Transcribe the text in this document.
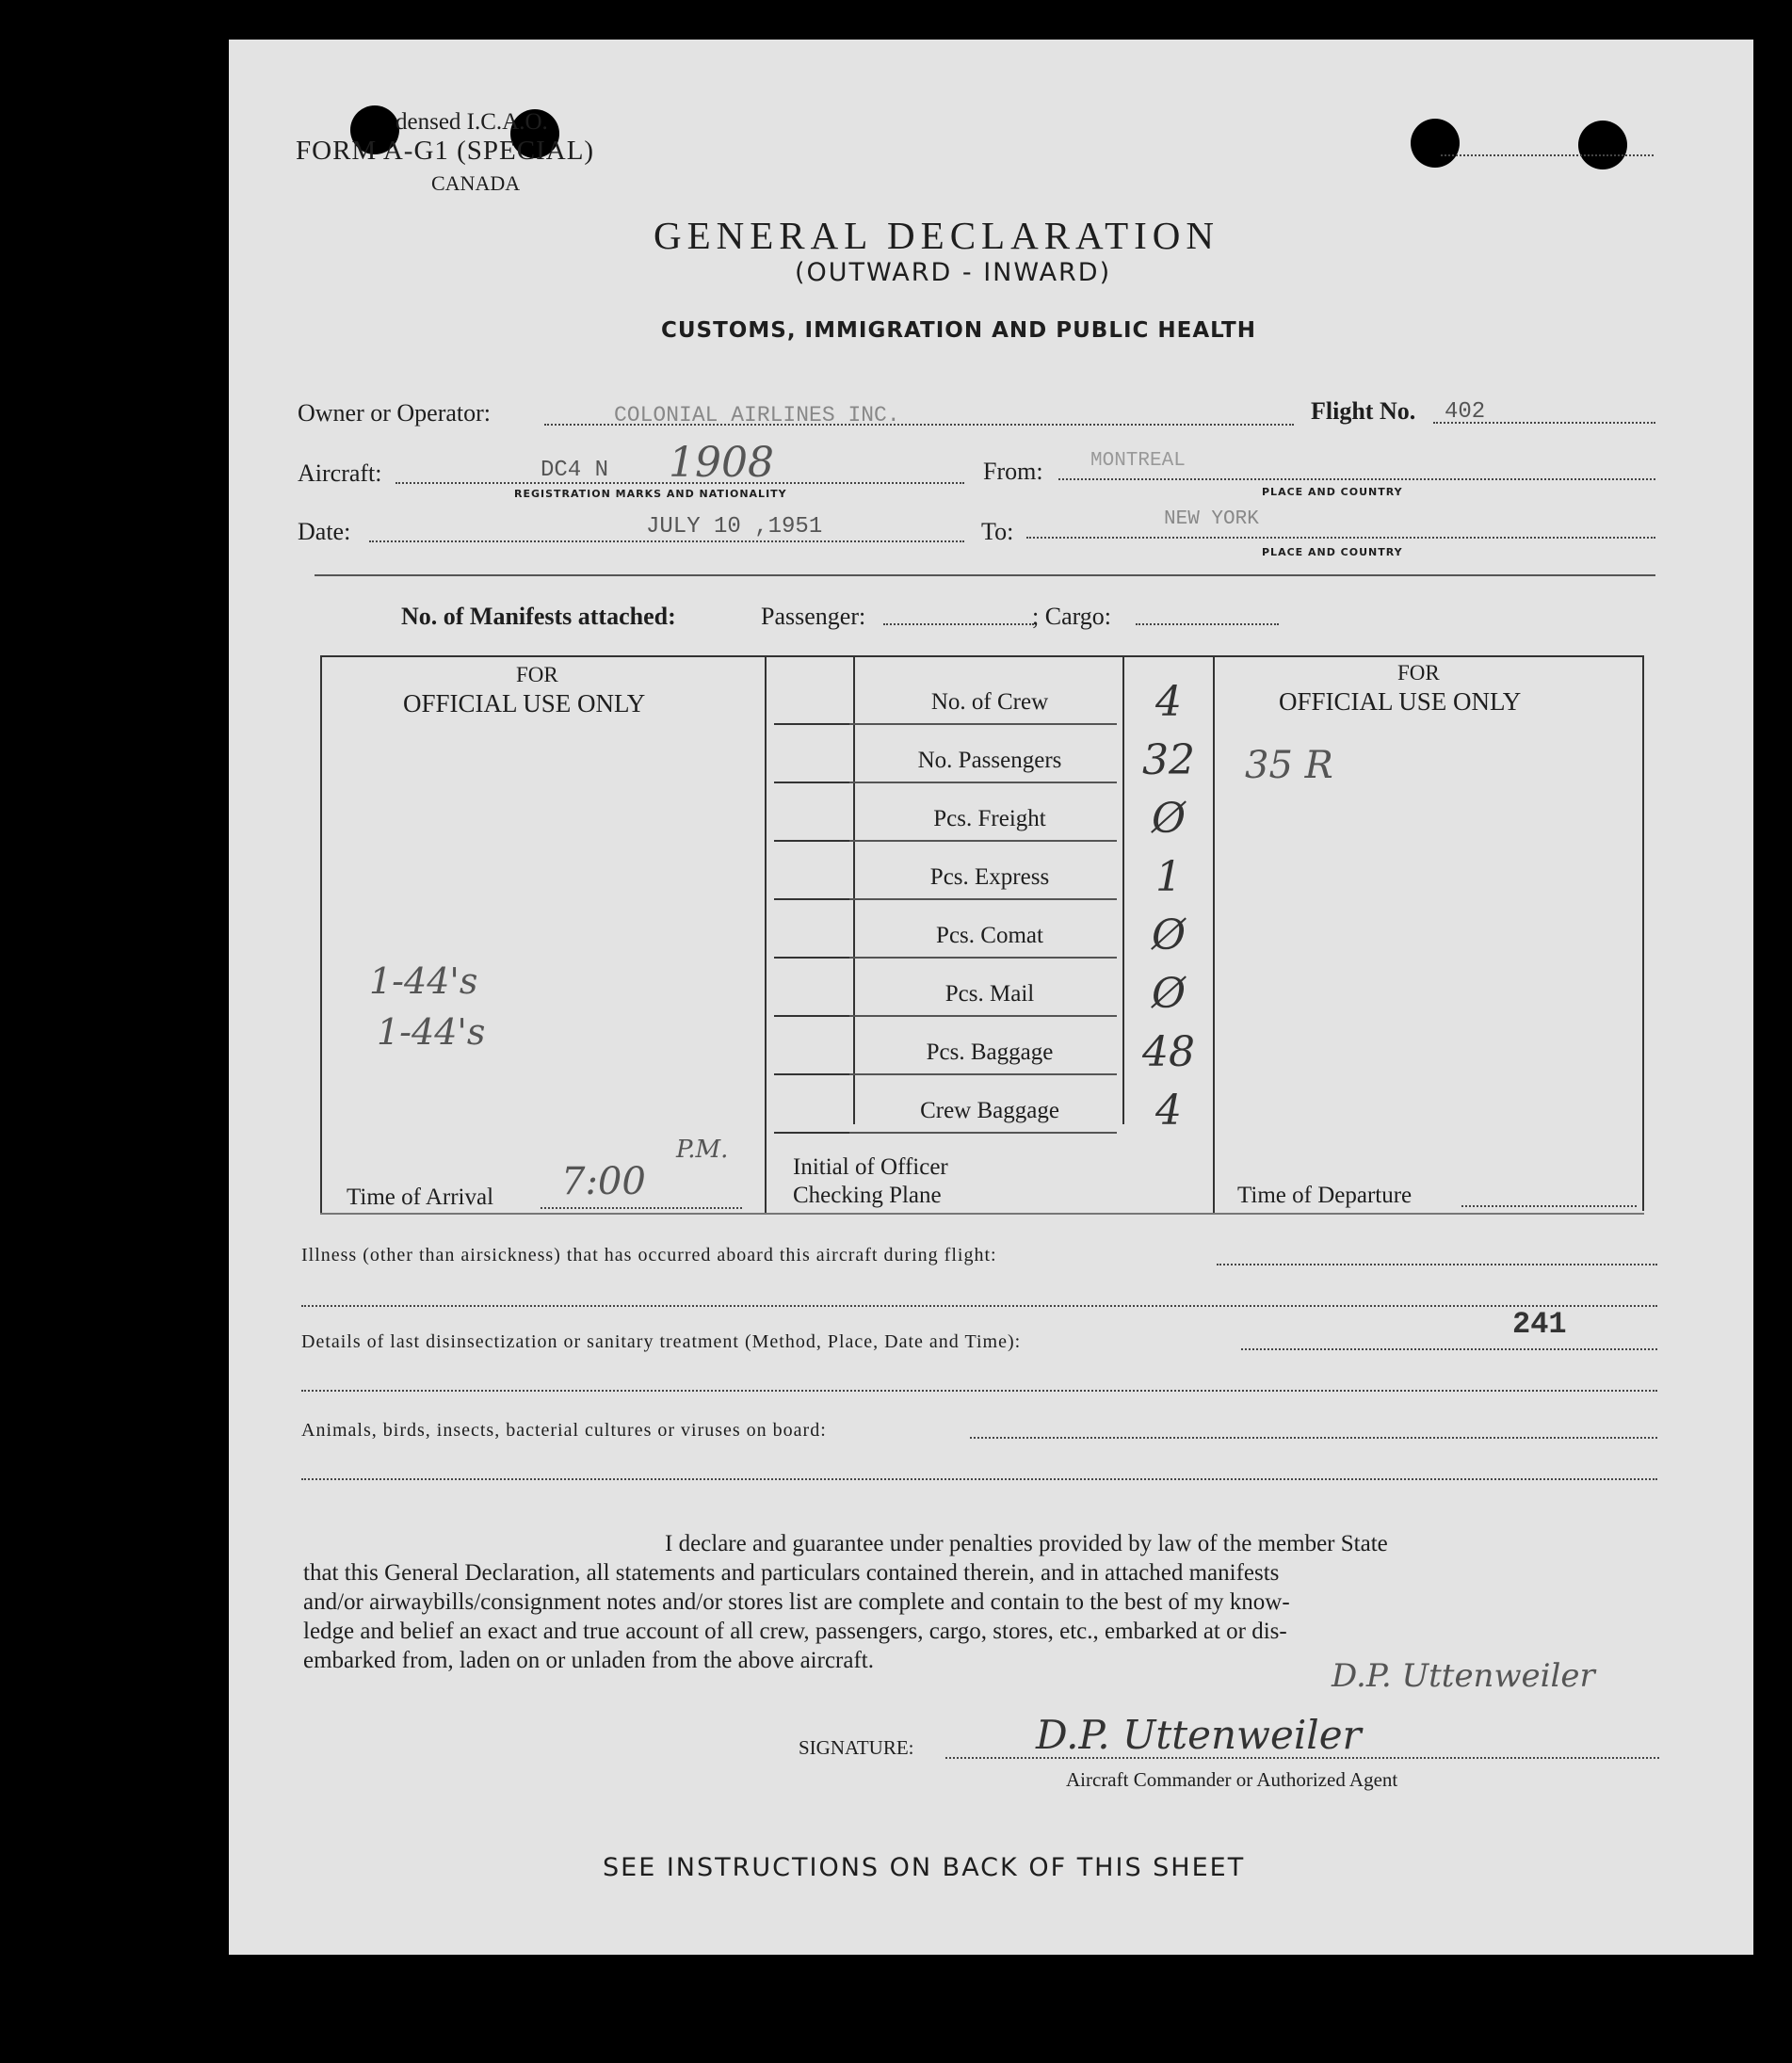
densed I.C.A.O.
FORM A-G1 (SPECIAL)
CANADA
GENERAL DECLARATION
(OUTWARD - INWARD)
CUSTOMS, IMMIGRATION AND PUBLIC HEALTH
Owner or Operator:	COLONIAL AIRLINES INC.	Flight No. 402
Aircraft:	DC4 N 1908
REGISTRATION MARKS AND NATIONALITY
From: MONTREAL
PLACE AND COUNTRY
Date:	JULY 10 ,1951	To:	NEW YORK
PLACE AND COUNTRY
No. of Manifests attached:	Passenger:	; Cargo:
FOR
OFFICIAL USE ONLY
1-44's
1-44's
Time of Arrival 7:00
P.M.
No. of Crew	4
No. Passengers	32
Pcs. Freight	Ø
Pcs. Express	1
Pcs. Comat	Ø
Pcs. Mail	Ø
Pcs. Baggage	48
Crew Baggage	4
Initial of Officer
Checking Plane
FOR
OFFICIAL USE ONLY
35 R
Time of Departure
Illness (other than airsickness) that has occurred aboard this aircraft during flight:
Details of last disinsectization or sanitary treatment (Method, Place, Date and Time):	241
Animals, birds, insects, bacterial cultures or viruses on board:
I declare and guarantee under penalties provided by law of the member State
that this General Declaration, all statements and particulars contained therein, and in attached manifests
and/or airwaybills/consignment notes and/or stores list are complete and contain to the best of my know-
ledge and belief an exact and true account of all crew, passengers, cargo, stores, etc., embarked at or dis-
embarked from, laden on or unladen from the above aircraft.	D.P. Uttenweiler
SIGNATURE:	D.P. Uttenweiler
Aircraft Commander or Authorized Agent
SEE INSTRUCTIONS ON BACK OF THIS SHEET
